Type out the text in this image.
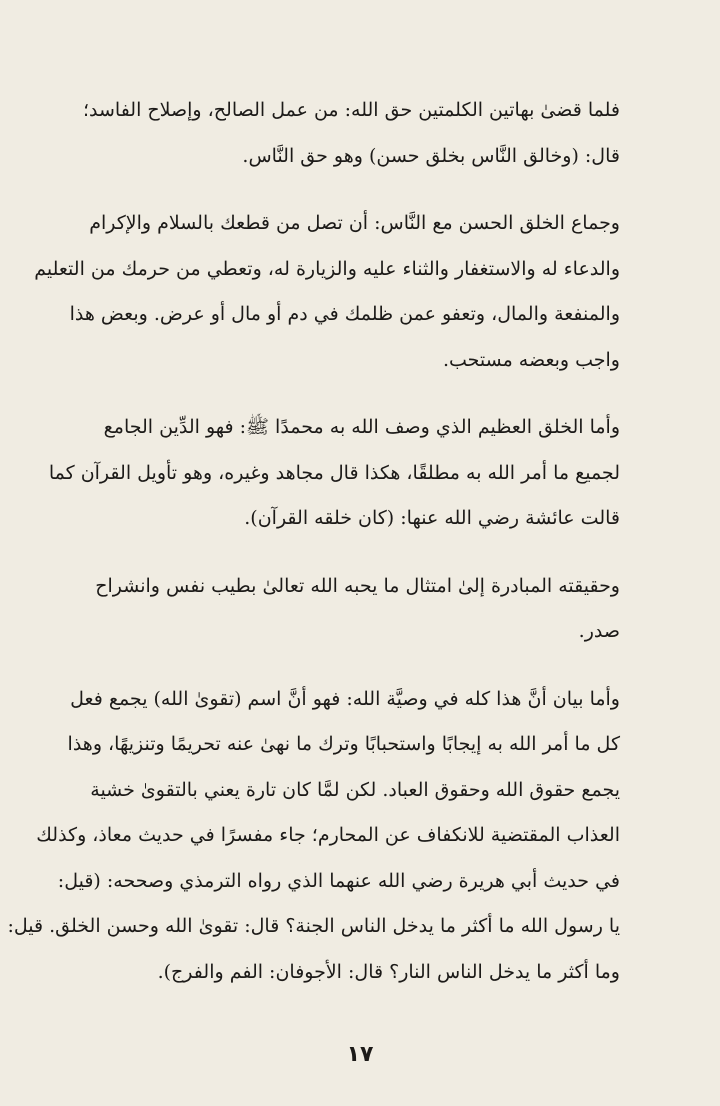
فلما قضىٰ بهاتين الكلمتين حق الله: من عمل الصالح، وإصلاح الفاسد؛
قال: (وخالق النَّاس بخلق حسن) وهو حق النَّاس.
وجماع الخلق الحسن مع النَّاس: أن تصل من قطعك بالسلام والإكرام
والدعاء له والاستغفار والثناء عليه والزيارة له، وتعطي من حرمك من التعليم
والمنفعة والمال، وتعفو عمن ظلمك في دم أو مال أو عرض. وبعض هذا
واجب وبعضه مستحب.
وأما الخلق العظيم الذي وصف الله به محمدًا ﷺ: فهو الدِّين الجامع
لجميع ما أمر الله به مطلقًا، هكذا قال مجاهد وغيره، وهو تأويل القرآن كما
قالت عائشة رضي الله عنها: (كان خلقه القرآن).
وحقيقته المبادرة إلىٰ امتثال ما يحبه الله تعالىٰ بطيب نفس وانشراح
صدر.
وأما بيان أنَّ هذا كله في وصيَّة الله: فهو أنَّ اسم (تقوىٰ الله) يجمع فعل
كل ما أمر الله به إيجابًا واستحبابًا وترك ما نهىٰ عنه تحريمًا وتنزيهًا، وهذا
يجمع حقوق الله وحقوق العباد. لكن لمَّا كان تارة يعني بالتقوىٰ خشية
العذاب المقتضية للانكفاف عن المحارم؛ جاء مفسرًا في حديث معاذ، وكذلك
في حديث أبي هريرة رضي الله عنهما الذي رواه الترمذي وصححه: (قيل:
يا رسول الله ما أكثر ما يدخل الناس الجنة؟ قال: تقوىٰ الله وحسن الخلق. قيل:
وما أكثر ما يدخل الناس النار؟ قال: الأجوفان: الفم والفرج).
١٧
